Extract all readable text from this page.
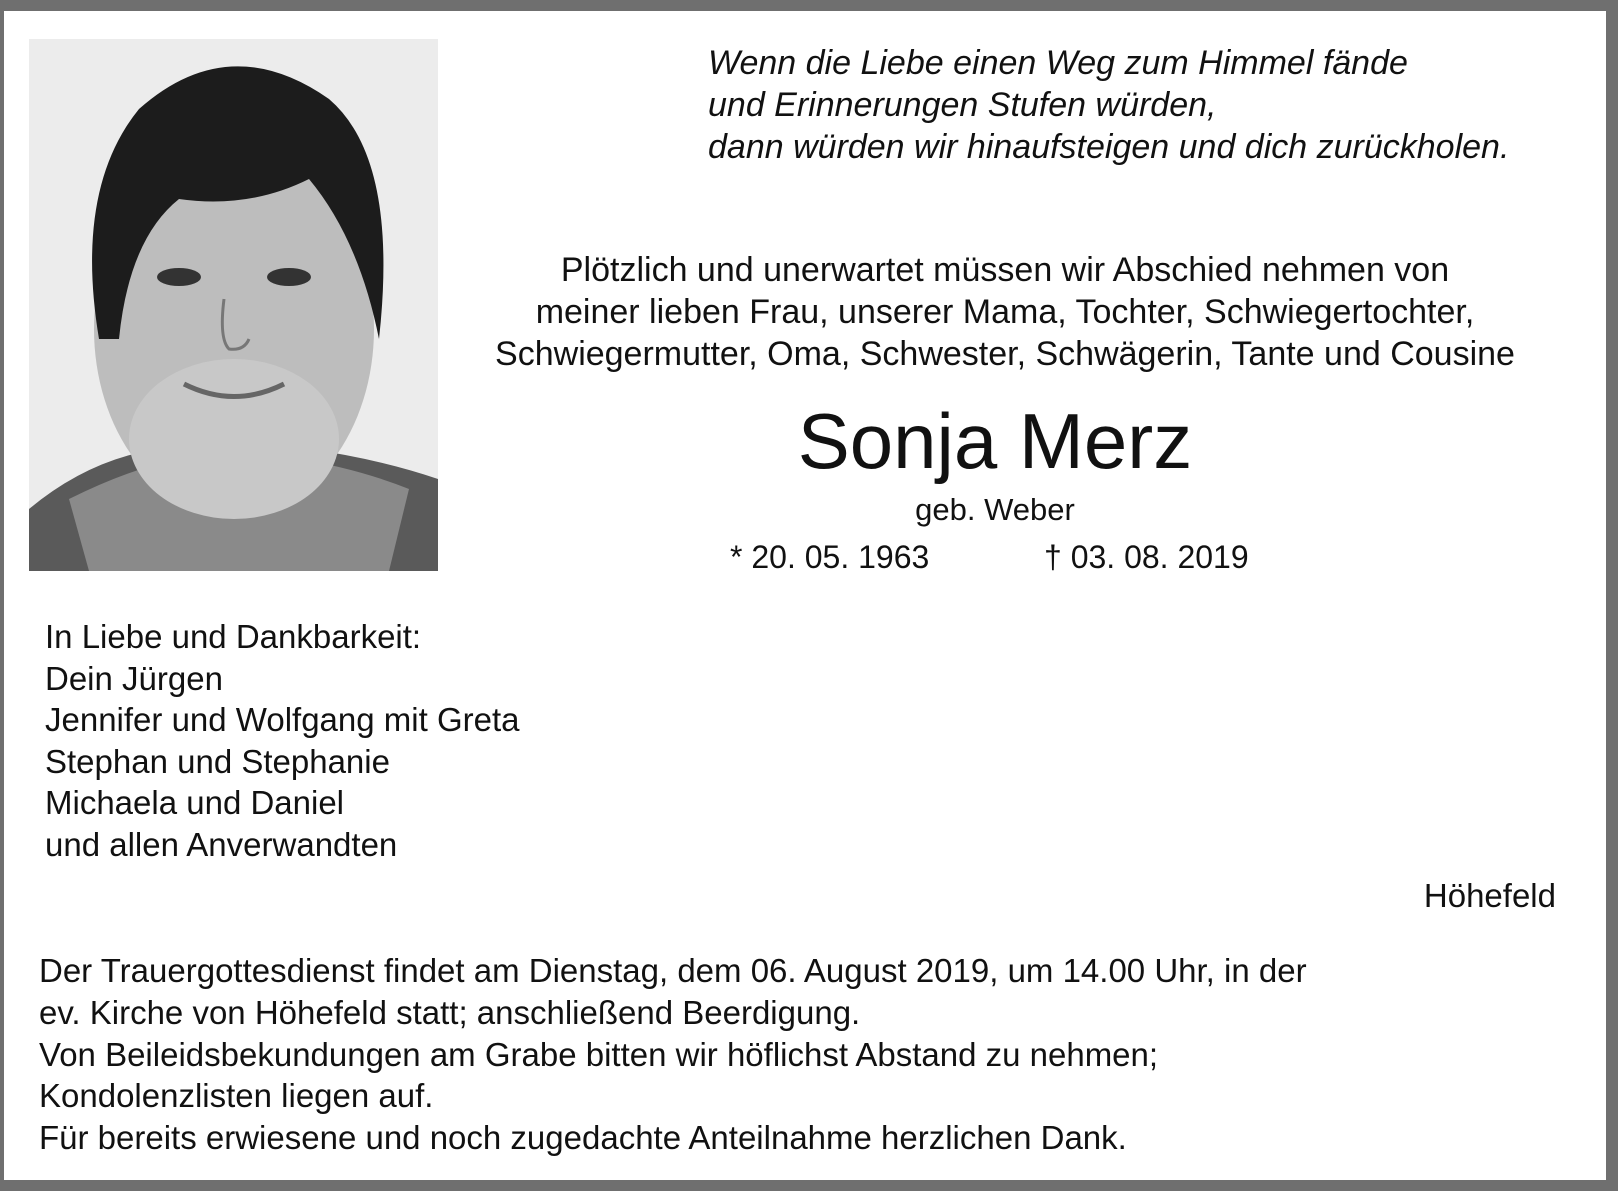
Wenn die Liebe einen Weg zum Himmel fände
und Erinnerungen Stufen würden,
dann würden wir hinaufsteigen und dich zurückholen.
Plötzlich und unerwartet müssen wir Abschied nehmen von
meiner lieben Frau, unserer Mama, Tochter, Schwiegertochter,
Schwiegermutter, Oma, Schwester, Schwägerin, Tante und Cousine
Sonja Merz
geb. Weber
* 20. 05. 1963	† 03. 08. 2019
In Liebe und Dankbarkeit:
Dein Jürgen
Jennifer und Wolfgang mit Greta
Stephan und Stephanie
Michaela und Daniel
und allen Anverwandten
Höhefeld
Der Trauergottesdienst findet am Dienstag, dem 06. August 2019, um 14.00 Uhr, in der
ev. Kirche von Höhefeld statt; anschließend Beerdigung.
Von Beileidsbekundungen am Grabe bitten wir höflichst Abstand zu nehmen;
Kondolenzlisten liegen auf.
Für bereits erwiesene und noch zugedachte Anteilnahme herzlichen Dank.
